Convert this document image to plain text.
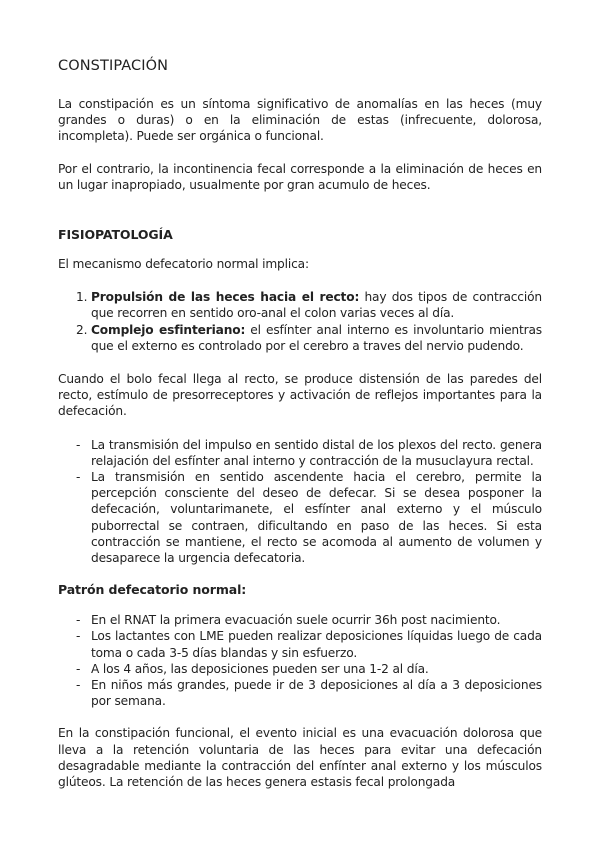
CONSTIPACIÓN

La constipación es un síntoma significativo de anomalías en las heces (muy grandes o duras) o en la eliminación de estas (infrecuente, dolorosa, incompleta). Puede ser orgánica o funcional.

Por el contrario, la incontinencia fecal corresponde a la eliminación de heces en un lugar inapropiado, usualmente por gran acumulo de heces.

FISIOPATOLOGÍA

El mecanismo defecatorio normal implica:

1. Propulsión de las heces hacia el recto: hay dos tipos de contracción que recorren en sentido oro-anal el colon varias veces al día.
2. Complejo esfinteriano: el esfínter anal interno es involuntario mientras que el externo es controlado por el cerebro a traves del nervio pudendo.

Cuando el bolo fecal llega al recto, se produce distensión de las paredes del recto, estímulo de presorreceptores y activación de reflejos importantes para la defecación.

- La transmisión del impulso en sentido distal de los plexos del recto. genera relajación del esfínter anal interno y contracción de la musuclayura rectal.
- La transmisión en sentido ascendente hacia el cerebro, permite la percepción consciente del deseo de defecar. Si se desea posponer la defecación, voluntarimanete, el esfínter anal externo y el músculo puborrectal se contraen, dificultando en paso de las heces. Si esta contracción se mantiene, el recto se acomoda al aumento de volumen y desaparece la urgencia defecatoria.
Patrón defecatorio normal:
- En el RNAT la primera evacuación suele ocurrir 36h post nacimiento.
- Los lactantes con LME pueden realizar deposiciones líquidas luego de cada toma o cada 3-5 días blandas y sin esfuerzo.
- A los 4 años, las deposiciones pueden ser una 1-2 al día.
- En niños más grandes, puede ir de 3 deposiciones al día a 3 deposiciones por semana.

En la constipación funcional, el evento inicial es una evacuación dolorosa que lleva a la retención voluntaria de las heces para evitar una defecación desagradable mediante la contracción del enfínter anal externo y los músculos glúteos. La retención de las heces genera estasis fecal prolongada
